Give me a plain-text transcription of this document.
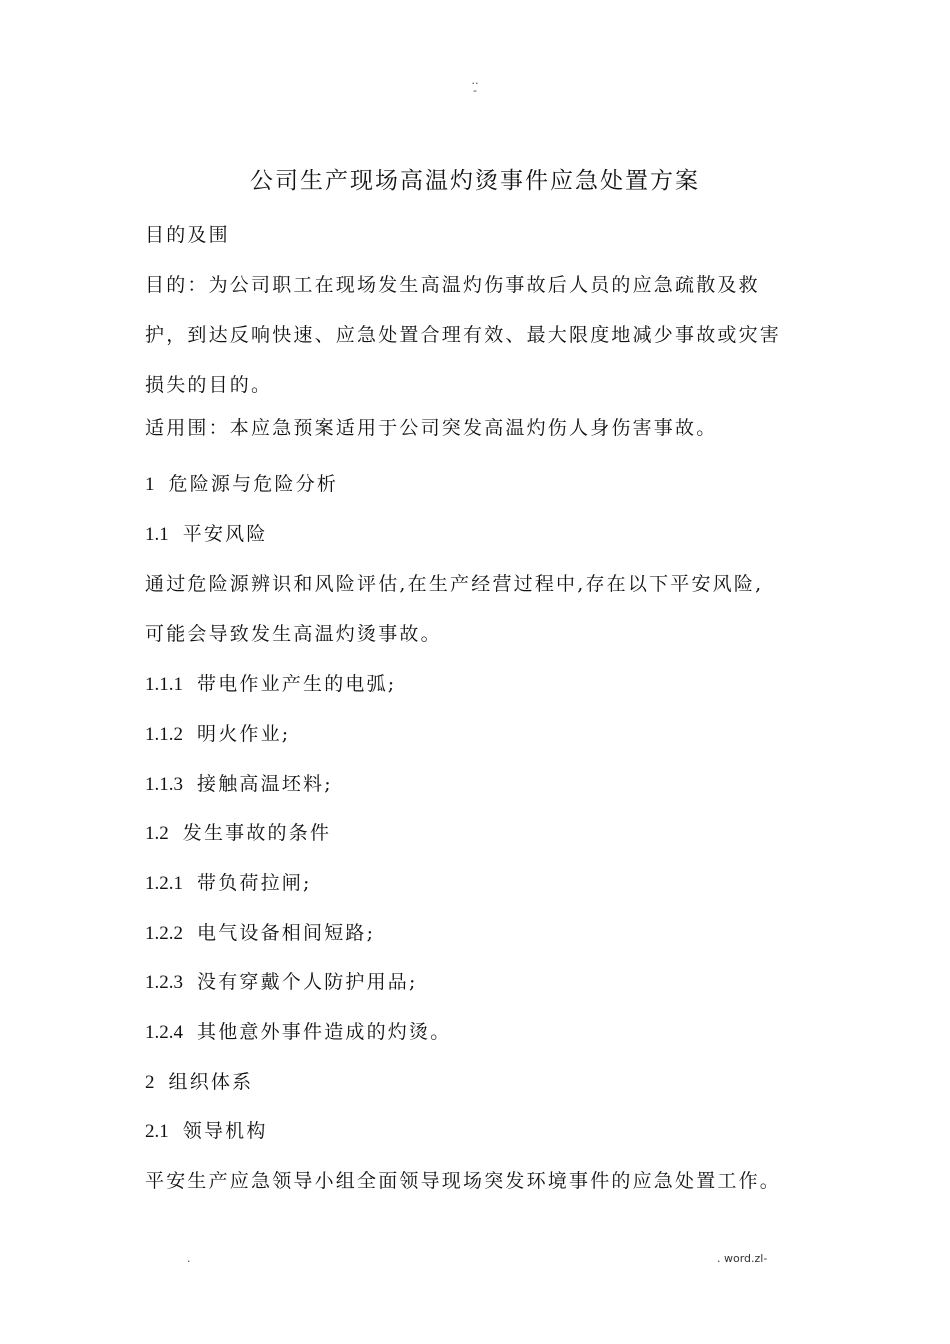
..
-
公司生产现场高温灼烫事件应急处置方案

目的及围

目的：为公司职工在现场发生高温灼伤事故后人员的应急疏散及救

护，到达反响快速、应急处置合理有效、最大限度地减少事故或灾害

损失的目的。

适用围：本应急预案适用于公司突发高温灼伤人身伤害事故。

1 危险源与危险分析

1.1 平安风险

通过危险源辨识和风险评估,在生产经营过程中,存在以下平安风险,

可能会导致发生高温灼烫事故。

1.1.1 带电作业产生的电弧;

1.1.2 明火作业;

1.1.3 接触高温坯料;

1.2 发生事故的条件

1.2.1 带负荷拉闸;

1.2.2 电气设备相间短路;

1.2.3 没有穿戴个人防护用品;

1.2.4 其他意外事件造成的灼烫。

2 组织体系

2.1 领导机构

平安生产应急领导小组全面领导现场突发环境事件的应急处置工作。

.	. word.zl-
